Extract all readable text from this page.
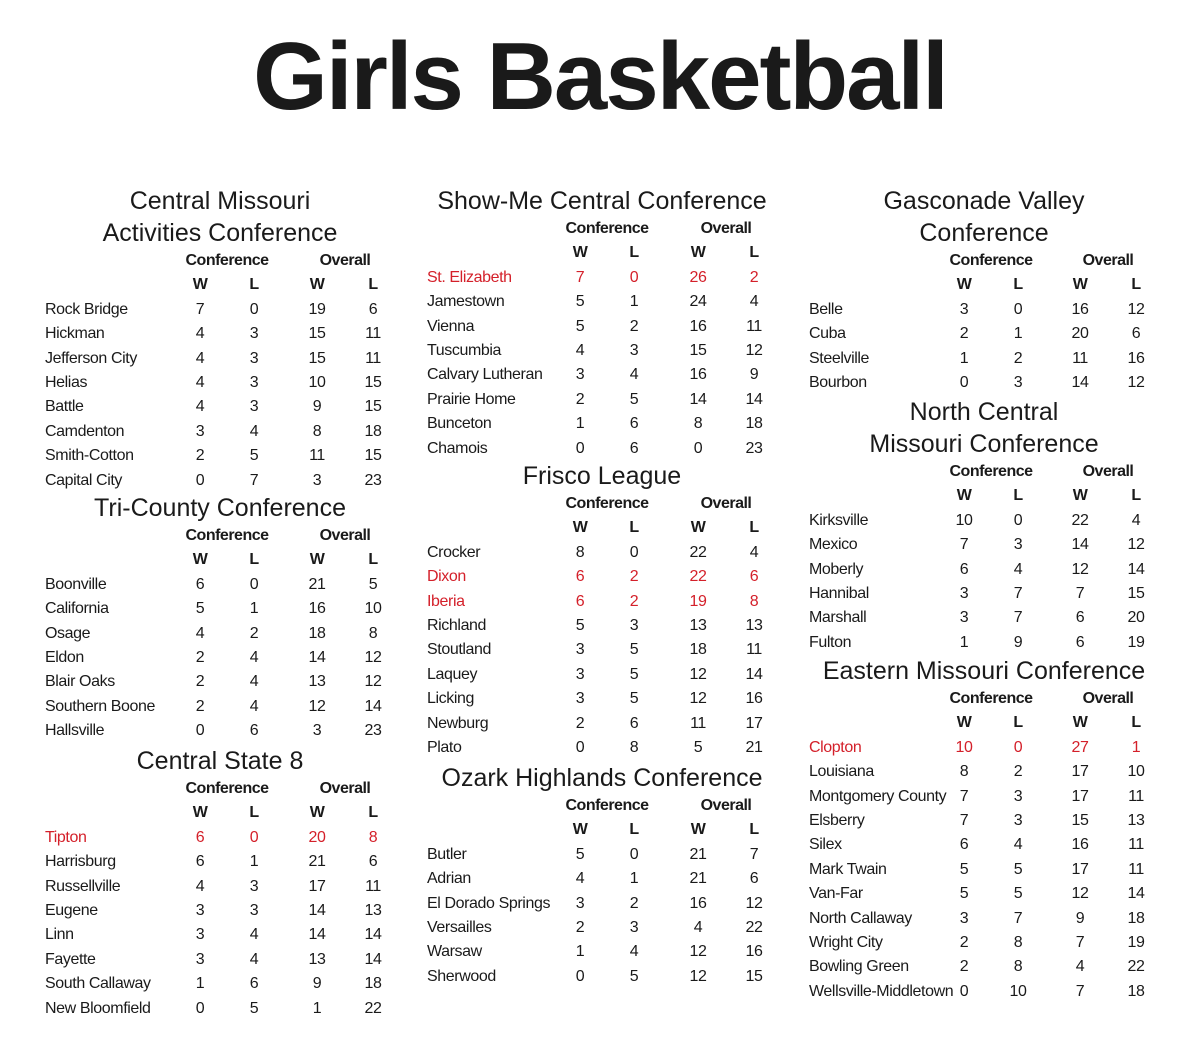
Girls Basketball
Central Missouri
Activities Conference
Conference	Overall
W	L	W	L
Rock Bridge	7	0	19	6
Hickman	4	3	15	11
Jefferson City	4	3	15	11
Helias	4	3	10	15
Battle	4	3	9	15
Camdenton	3	4	8	18
Smith-Cotton	2	5	11	15
Capital City	0	7	3	23
Tri-County Conference
Conference	Overall
W	L	W	L
Boonville	6	0	21	5
California	5	1	16	10
Osage	4	2	18	8
Eldon	2	4	14	12
Blair Oaks	2	4	13	12
Southern Boone	2	4	12	14
Hallsville	0	6	3	23
Central State 8
Conference	Overall
W	L	W	L
Tipton	6	0	20	8
Harrisburg	6	1	21	6
Russellville	4	3	17	11
Eugene	3	3	14	13
Linn	3	4	14	14
Fayette	3	4	13	14
South Callaway	1	6	9	18
New Bloomfield	0	5	1	22
Show-Me Central Conference
Conference	Overall
W	L	W	L
St. Elizabeth	7	0	26	2
Jamestown	5	1	24	4
Vienna	5	2	16	11
Tuscumbia	4	3	15	12
Calvary Lutheran	3	4	16	9
Prairie Home	2	5	14	14
Bunceton	1	6	8	18
Chamois	0	6	0	23
Frisco League
Conference	Overall
W	L	W	L
Crocker	8	0	22	4
Dixon	6	2	22	6
Iberia	6	2	19	8
Richland	5	3	13	13
Stoutland	3	5	18	11
Laquey	3	5	12	14
Licking	3	5	12	16
Newburg	2	6	11	17
Plato	0	8	5	21
Ozark Highlands Conference
Conference	Overall
W	L	W	L
Butler	5	0	21	7
Adrian	4	1	21	6
El Dorado Springs	3	2	16	12
Versailles	2	3	4	22
Warsaw	1	4	12	16
Sherwood	0	5	12	15
Gasconade Valley
Conference
Conference	Overall
W	L	W	L
Belle	3	0	16	12
Cuba	2	1	20	6
Steelville	1	2	11	16
Bourbon	0	3	14	12
North Central
Missouri Conference
Conference	Overall
W	L	W	L
Kirksville	10	0	22	4
Mexico	7	3	14	12
Moberly	6	4	12	14
Hannibal	3	7	7	15
Marshall	3	7	6	20
Fulton	1	9	6	19
Eastern Missouri Conference
Conference	Overall
W	L	W	L
Clopton	10	0	27	1
Louisiana	8	2	17	10
Montgomery County 7	3	17	11
Elsberry	7	3	15	13
Silex	6	4	16	11
Mark Twain	5	5	17	11
Van-Far	5	5	12	14
North Callaway	3	7	9	18
Wright City	2	8	7	19
Bowling Green	2	8	4	22
Wellsville-Middletown 0	10	7	18
